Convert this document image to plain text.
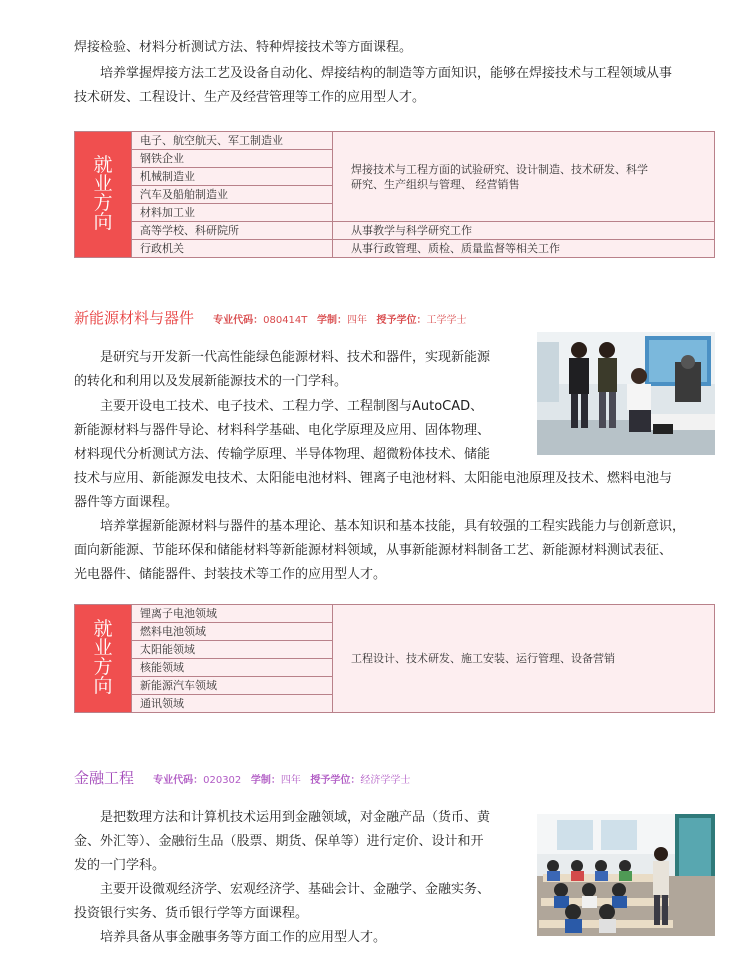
焊接检验、材料分析测试方法、特种焊接技术等方面课程。
培养掌握焊接方法工艺及设备自动化、焊接结构的制造等方面知识，能够在焊接技术与工程领域从事
技术研发、工程设计、生产及经营管理等工作的应用型人才。
就业方向	电子、航空航天、军工制造业	焊接技术与工程方面的试验研究、设计制造、技术研发、科学
研究、生产组织与管理、 经营销售

	钢铁企业	
	机械制造业	
	汽车及船舶制造业	
	材料加工业	
	高等学校、科研院所	从事教学与科学研究工作
	行政机关	从事行政管理、质检、质量监督等相关工作
新能源材料与器件 专业代码：080414T 学制：四年 授予学位：工学学士
是研究与开发新一代高性能绿色能源材料、技术和器件，实现新能源
的转化和利用以及发展新能源技术的一门学科。
主要开设电工技术、电子技术、工程力学、工程制图与AutoCAD、
新能源材料与器件导论、材料科学基础、电化学原理及应用、固体物理、
材料现代分析测试方法、传输学原理、半导体物理、超微粉体技术、储能
技术与应用、新能源发电技术、太阳能电池材料、锂离子电池材料、太阳能电池原理及技术、燃料电池与
器件等方面课程。
培养掌握新能源材料与器件的基本理论、基本知识和基本技能，具有较强的工程实践能力与创新意识，
面向新能源、节能环保和储能材料等新能源材料领域，从事新能源材料制备工艺、新能源材料测试表征、
光电器件、储能器件、封装技术等工作的应用型人才。
就业方向	锂离子电池领域	工程设计、技术研发、施工安装、运行管理、设备营销
燃料电池领域
太阳能领域
核能领域
新能源汽车领域
通讯领域
金融工程 专业代码：020302 学制：四年 授予学位：经济学学士
是把数理方法和计算机技术运用到金融领域，对金融产品（货币、黄
金、外汇等）、金融衍生品（股票、期货、保单等）进行定价、设计和开
发的一门学科。
主要开设微观经济学、宏观经济学、基础会计、金融学、金融实务、
投资银行实务、货币银行学等方面课程。
培养具备从事金融事务等方面工作的应用型人才。
